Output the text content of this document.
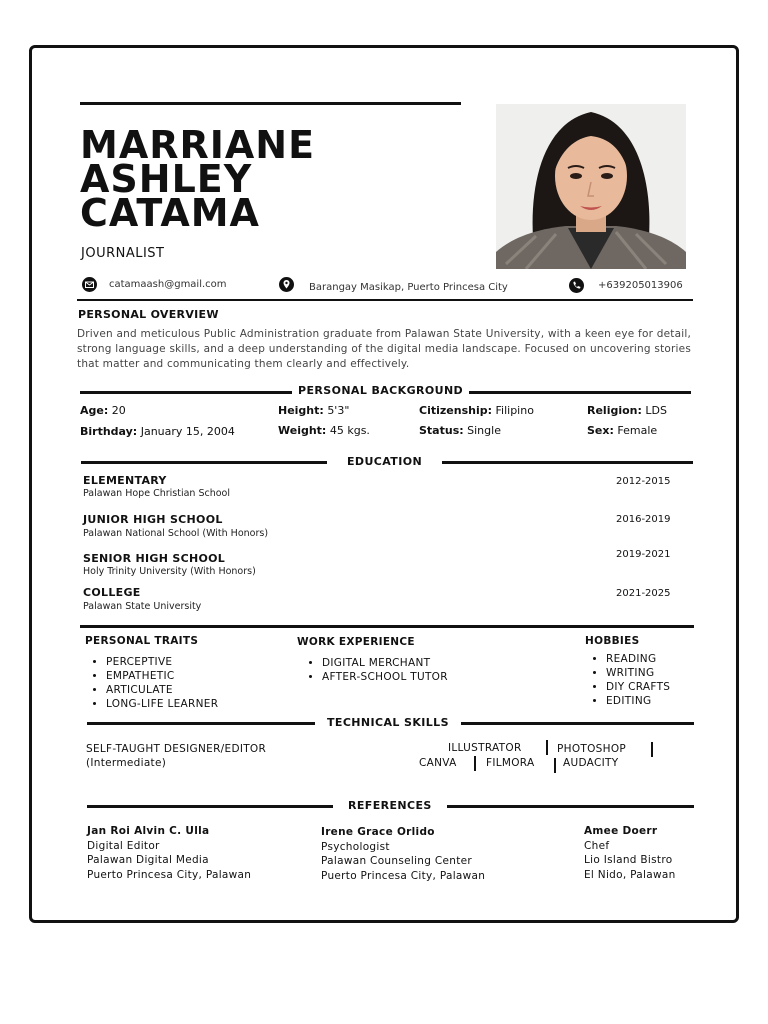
MARRIANE
ASHLEY
CATAMA
JOURNALIST
catamaash@gmail.com	Barangay Masikap, Puerto Princesa City	+639205013906
PERSONAL OVERVIEW
Driven and meticulous Public Administration graduate from Palawan State University, with a keen eye for detail, strong language skills, and a deep understanding of the digital media landscape. Focused on uncovering stories that matter and communicating them clearly and effectively.
PERSONAL BACKGROUND
Age: 20	Height: 5'3"	Citizenship: Filipino	Religion: LDS
Birthday: January 15, 2004	Weight: 45 kgs.	Status: Single	Sex: Female
EDUCATION
ELEMENTARY
Palawan Hope Christian School
2012-2015
JUNIOR HIGH SCHOOL
Palawan National School (With Honors)
2016-2019
SENIOR HIGH SCHOOL
Holy Trinity University (With Honors)
2019-2021
COLLEGE
Palawan State University
2021-2025
PERSONAL TRAITS
• PERCEPTIVE
• EMPATHETIC
• ARTICULATE
• LONG-LIFE LEARNER
WORK EXPERIENCE
• DIGITAL MERCHANT
• AFTER-SCHOOL TUTOR
HOBBIES
• READING
• WRITING
• DIY CRAFTS
• EDITING
TECHNICAL SKILLS
SELF-TAUGHT DESIGNER/EDITOR
(Intermediate)
ILLUSTRATOR	PHOTOSHOP
CANVA	FILMORA	AUDACITY
REFERENCES
Jan Roi Alvin C. Ulla
Digital Editor
Palawan Digital Media
Puerto Princesa City, Palawan
Irene Grace Orlido
Psychologist
Palawan Counseling Center
Puerto Princesa City, Palawan
Amee Doerr
Chef
Lio Island Bistro
El Nido, Palawan
